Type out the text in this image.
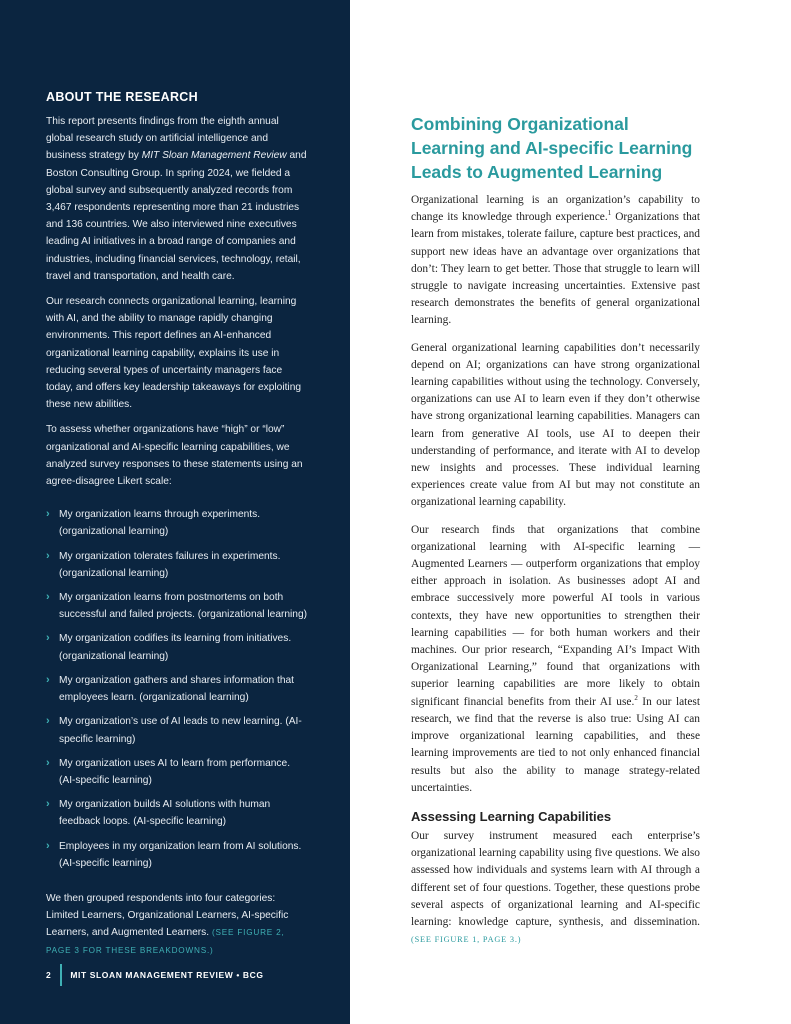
ABOUT THE RESEARCH

This report presents findings from the eighth annual global research study on artificial intelligence and business strategy by MIT Sloan Management Review and Boston Consulting Group. In spring 2024, we fielded a global survey and subsequently analyzed records from 3,467 respondents representing more than 21 industries and 136 countries. We also interviewed nine executives leading AI initiatives in a broad range of companies and industries, including financial services, technology, retail, travel and transportation, and health care.

Our research connects organizational learning, learning with AI, and the ability to manage rapidly changing environments. This report defines an AI-enhanced organizational learning capability, explains its use in reducing several types of uncertainty managers face today, and offers key leadership takeaways for exploiting these new abilities.

To assess whether organizations have “high” or “low” organizational and AI-specific learning capabilities, we analyzed survey responses to these statements using an agree-disagree Likert scale:

› My organization learns through experiments. (organizational learning)
› My organization tolerates failures in experiments. (organizational learning)
› My organization learns from postmortems on both successful and failed projects. (organizational learning)
› My organization codifies its learning from initiatives. (organizational learning)
› My organization gathers and shares information that employees learn. (organizational learning)
› My organization’s use of AI leads to new learning. (AI-specific learning)
› My organization uses AI to learn from performance. (AI-specific learning)
› My organization builds AI solutions with human feedback loops. (AI-specific learning)
› Employees in my organization learn from AI solutions. (AI-specific learning)

We then grouped respondents into four categories: Limited Learners, Organizational Learners, AI-specific Learners, and Augmented Learners. (SEE FIGURE 2, PAGE 3 FOR THESE BREAKDOWNS.)

2 MIT SLOAN MANAGEMENT REVIEW • BCG
Combining Organizational Learning and AI-specific Learning Leads to Augmented Learning

Organizational learning is an organization’s capability to change its knowledge through experience.$^1$ Organizations that learn from mistakes, tolerate failure, capture best practices, and support new ideas have an advantage over organizations that don’t: They learn to get better. Those that struggle to learn will struggle to navigate increasing uncertainties. Extensive past research demonstrates the benefits of general organizational learning.

General organizational learning capabilities don’t necessarily depend on AI; organizations can have strong organizational learning capabilities without using the technology. Conversely, organizations can use AI to learn even if they don’t otherwise have strong organizational learning capabilities. Managers can learn from generative AI tools, use AI to deepen their understanding of performance, and iterate with AI to develop new insights and processes. These individual learning experiences create value from AI but may not constitute an organizational learning capability.

Our research finds that organizations that combine organizational learning with AI-specific learning — Augmented Learners — outperform organizations that employ either approach in isolation. As businesses adopt AI and embrace successively more powerful AI tools in various contexts, they have new opportunities to strengthen their learning capabilities — for both human workers and their machines. Our prior research, “Expanding AI’s Impact With Organizational Learning,” found that organizations with superior learning capabilities are more likely to obtain significant financial benefits from their AI use.$^2$ In our latest research, we find that the reverse is also true: Using AI can improve organizational learning capabilities, and these learning improvements are tied to not only enhanced financial results but also the ability to manage strategy-related uncertainties.

Assessing Learning Capabilities

Our survey instrument measured each enterprise’s organizational learning capability using five questions. We also assessed how individuals and systems learn with AI through a different set of four questions. Together, these questions probe several aspects of organizational learning and AI-specific learning: knowledge capture, synthesis, and dissemination. (SEE FIGURE 1, PAGE 3.)
